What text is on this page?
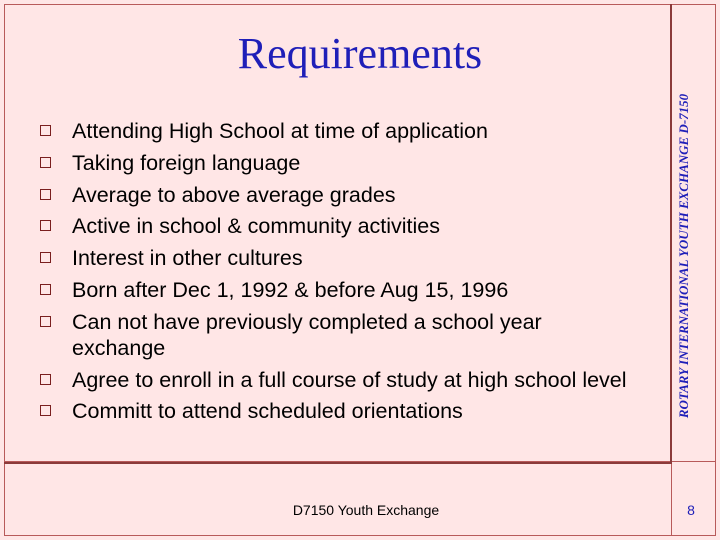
Requirements
Attending High School at time of application
Taking foreign language
Average to above average grades
Active in school & community activities
Interest in other cultures
Born after Dec 1, 1992 & before Aug 15, 1996
Can not have previously completed a school year exchange
Agree to enroll in a full course of study at high school level
Committ to attend scheduled orientations	ROTARY INTERNATIONAL YOUTH EXCHANGE D-7150
D7150 Youth Exchange	8
